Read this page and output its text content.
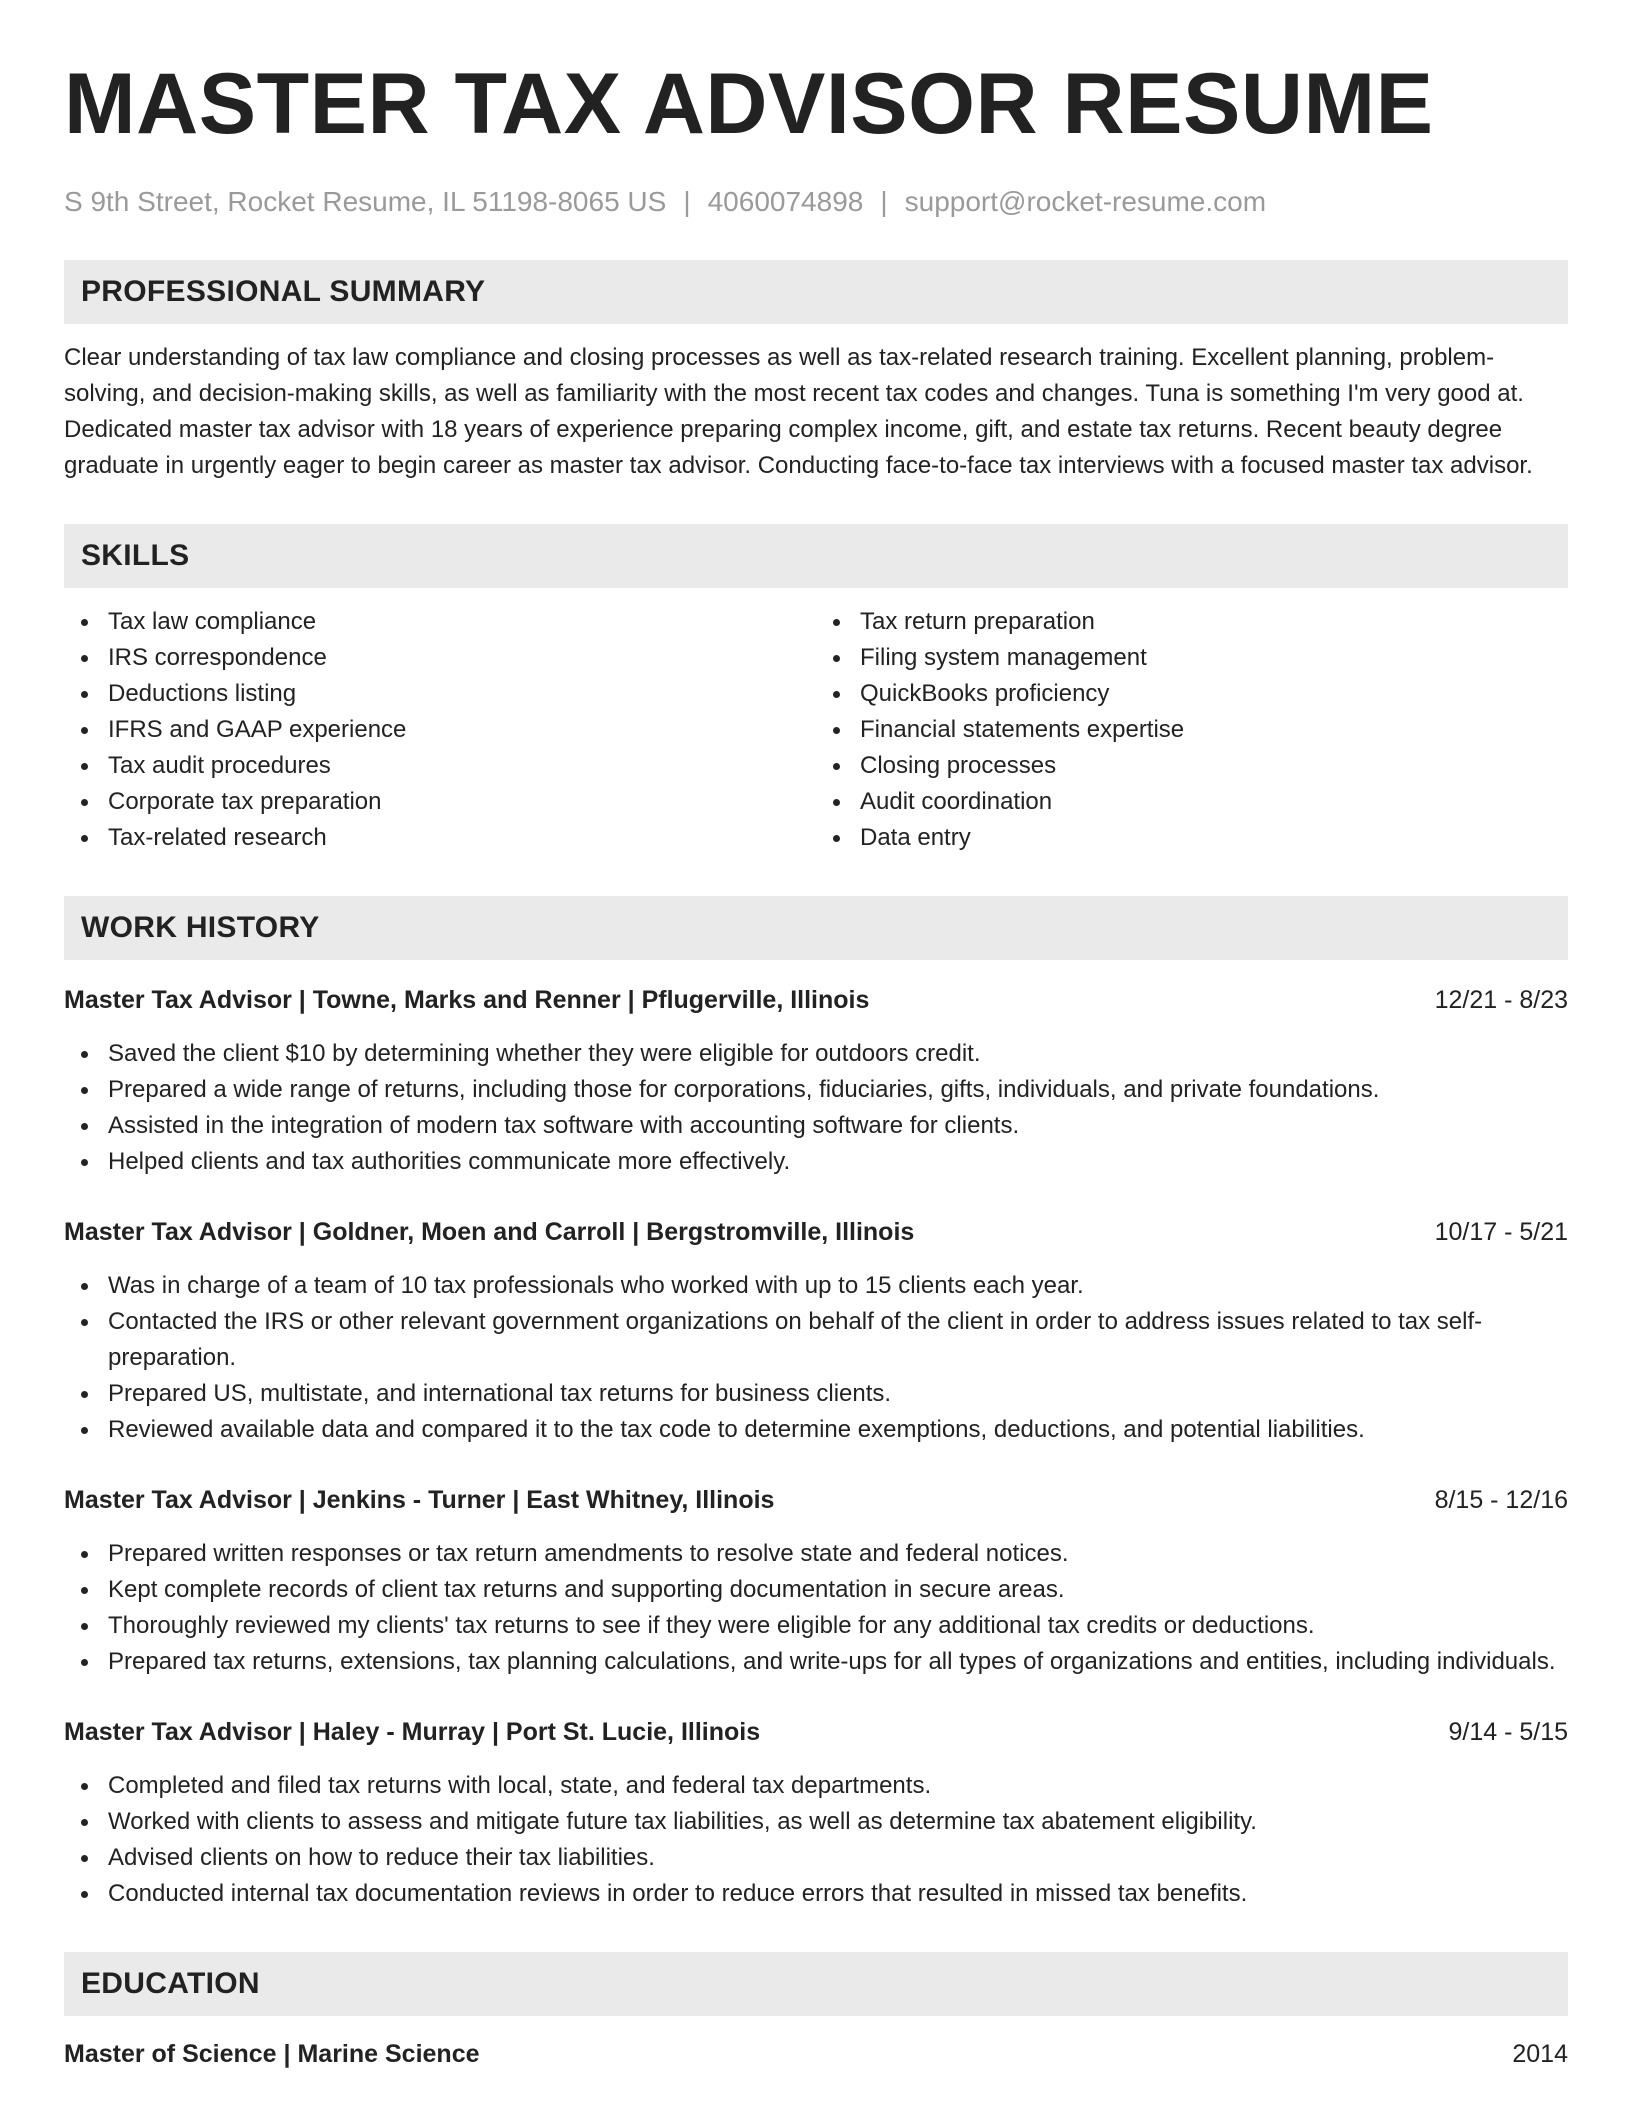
MASTER TAX ADVISOR RESUME
S 9th Street, Rocket Resume, IL 51198-8065 US | 4060074898 | support@rocket-resume.com
PROFESSIONAL SUMMARY
Clear understanding of tax law compliance and closing processes as well as tax-related research training. Excellent planning, problem-solving, and decision-making skills, as well as familiarity with the most recent tax codes and changes. Tuna is something I'm very good at. Dedicated master tax advisor with 18 years of experience preparing complex income, gift, and estate tax returns. Recent beauty degree graduate in urgently eager to begin career as master tax advisor. Conducting face-to-face tax interviews with a focused master tax advisor.
SKILLS
Tax law compliance
IRS correspondence
Deductions listing
IFRS and GAAP experience
Tax audit procedures
Corporate tax preparation
Tax-related research
Tax return preparation
Filing system management
QuickBooks proficiency
Financial statements expertise
Closing processes
Audit coordination
Data entry
WORK HISTORY
Master Tax Advisor | Towne, Marks and Renner | Pflugerville, Illinois	12/21 - 8/23
Saved the client $10 by determining whether they were eligible for outdoors credit.
Prepared a wide range of returns, including those for corporations, fiduciaries, gifts, individuals, and private foundations.
Assisted in the integration of modern tax software with accounting software for clients.
Helped clients and tax authorities communicate more effectively.
Master Tax Advisor | Goldner, Moen and Carroll | Bergstromville, Illinois	10/17 - 5/21
Was in charge of a team of 10 tax professionals who worked with up to 15 clients each year.
Contacted the IRS or other relevant government organizations on behalf of the client in order to address issues related to tax self-preparation.
Prepared US, multistate, and international tax returns for business clients.
Reviewed available data and compared it to the tax code to determine exemptions, deductions, and potential liabilities.
Master Tax Advisor | Jenkins - Turner | East Whitney, Illinois	8/15 - 12/16
Prepared written responses or tax return amendments to resolve state and federal notices.
Kept complete records of client tax returns and supporting documentation in secure areas.
Thoroughly reviewed my clients' tax returns to see if they were eligible for any additional tax credits or deductions.
Prepared tax returns, extensions, tax planning calculations, and write-ups for all types of organizations and entities, including individuals.
Master Tax Advisor | Haley - Murray | Port St. Lucie, Illinois	9/14 - 5/15
Completed and filed tax returns with local, state, and federal tax departments.
Worked with clients to assess and mitigate future tax liabilities, as well as determine tax abatement eligibility.
Advised clients on how to reduce their tax liabilities.
Conducted internal tax documentation reviews in order to reduce errors that resulted in missed tax benefits.
EDUCATION
Master of Science | Marine Science	2014
